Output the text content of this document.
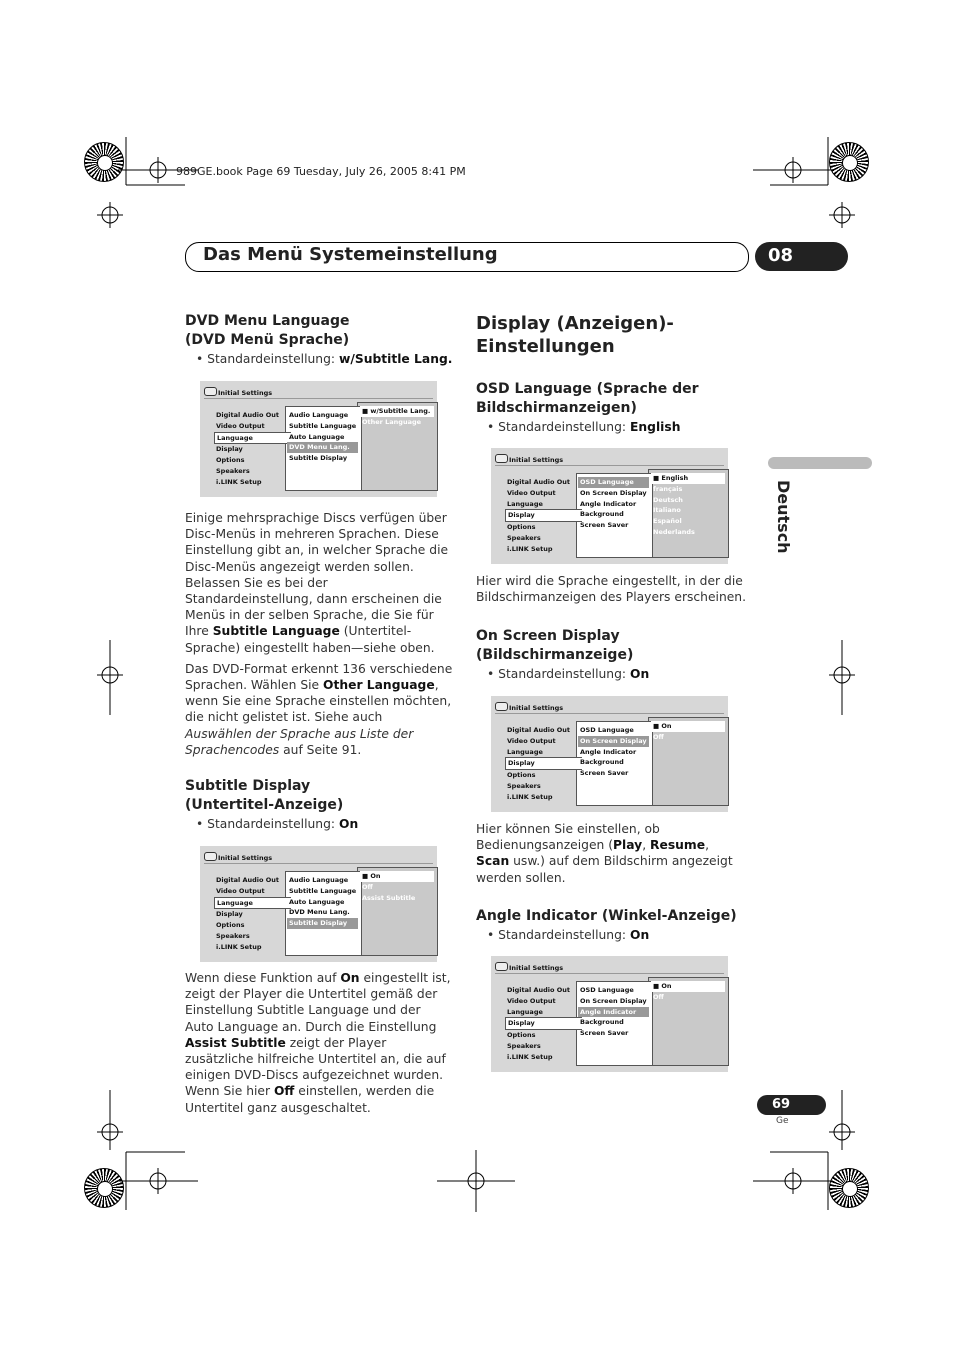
989GE.book Page 69 Tuesday, July 26, 2005 8:41 PM
Das Menü Systemeinstellung	08
Deutsch
DVD Menu Language
(DVD Menü Sprache)
• Standardeinstellung: w/Subtitle Lang.
Initial Settings
Digital Audio Out
Video Output
Language
Display
Options
Speakers
i.LINK Setup
Audio Language
Subtitle Language
Auto Language
DVD Menu Lang.
Subtitle Display
■ w/Subtitle Lang.
Other Language

Einige mehrsprachige Discs verfügen über Disc-Menüs in mehreren Sprachen. Diese Einstellung gibt an, in welcher Sprache die Disc-Menüs angezeigt werden sollen. Belassen Sie es bei der Standardeinstellung, dann erscheinen die Menüs in der selben Sprache, die Sie für Ihre Subtitle Language (Untertitel-Sprache) eingestellt haben—siehe oben.

Das DVD-Format erkennt 136 verschiedene Sprachen. Wählen Sie Other Language, wenn Sie eine Sprache einstellen möchten, die nicht gelistet ist. Siehe auch Auswählen der Sprache aus Liste der Sprachencodes auf Seite 91.

Subtitle Display
(Untertitel-Anzeige)
• Standardeinstellung: On
Initial Settings
Digital Audio Out
Video Output
Language
Display
Options
Speakers
i.LINK Setup
Audio Language
Subtitle Language
Auto Language
DVD Menu Lang.
Subtitle Display
■ On
Off
Assist Subtitle

Wenn diese Funktion auf On eingestellt ist, zeigt der Player die Untertitel gemäß der Einstellung Subtitle Language und der Auto Language an. Durch die Einstellung Assist Subtitle zeigt der Player zusätzliche hilfreiche Untertitel an, die auf einigen DVD-Discs aufgezeichnet wurden. Wenn Sie hier Off einstellen, werden die Untertitel ganz ausgeschaltet.

Display (Anzeigen)-
Einstellungen
OSD Language (Sprache der
Bildschirmanzeigen)
• Standardeinstellung: English
Initial Settings
Digital Audio Out
Video Output
Language
Display
Options
Speakers
i.LINK Setup
OSD Language
On Screen Display
Angle Indicator
Background
Screen Saver
■ English
français
Deutsch
Italiano
Español
Nederlands

Hier wird die Sprache eingestellt, in der die Bildschirmanzeigen des Players erscheinen.

On Screen Display
(Bildschirmanzeige)
• Standardeinstellung: On
Initial Settings
Digital Audio Out
Video Output
Language
Display
Options
Speakers
i.LINK Setup
OSD Language
On Screen Display
Angle Indicator
Background
Screen Saver
■ On
Off

Hier können Sie einstellen, ob Bedienungsanzeigen (Play, Resume, Scan usw.) auf dem Bildschirm angezeigt werden sollen.

Angle Indicator (Winkel-Anzeige)
• Standardeinstellung: On
Initial Settings
Digital Audio Out
Video Output
Language
Display
Options
Speakers
i.LINK Setup
OSD Language
On Screen Display
Angle Indicator
Background
Screen Saver
■ On
Off
69
Ge
